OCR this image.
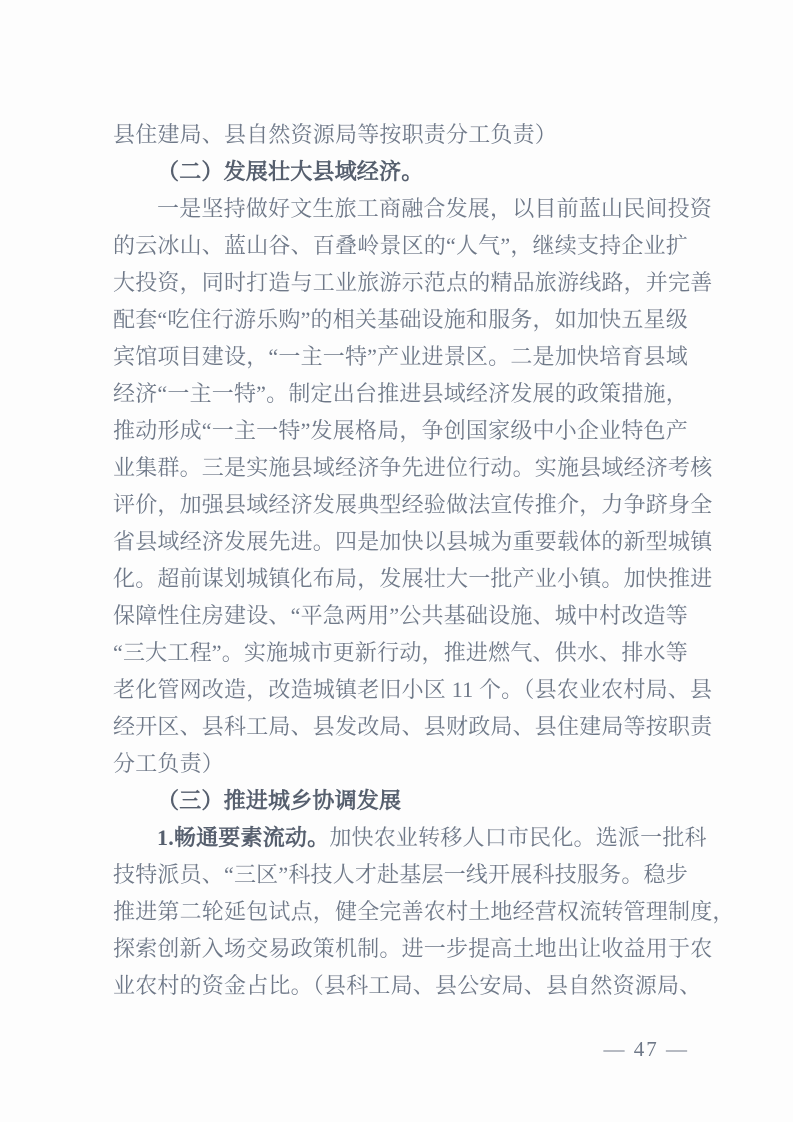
县住建局、县自然资源局等按职责分工负责）
（二）发展壮大县域经济。
一是坚持做好文生旅工商融合发展，以目前蓝山民间投资
的云冰山、蓝山谷、百叠岭景区的“人气”，继续支持企业扩
大投资，同时打造与工业旅游示范点的精品旅游线路，并完善
配套“吃住行游乐购”的相关基础设施和服务，如加快五星级
宾馆项目建设，“一主一特”产业进景区。二是加快培育县域
经济“一主一特”。制定出台推进县域经济发展的政策措施，
推动形成“一主一特”发展格局，争创国家级中小企业特色产
业集群。三是实施县域经济争先进位行动。实施县域经济考核
评价，加强县域经济发展典型经验做法宣传推介，力争跻身全
省县域经济发展先进。四是加快以县城为重要载体的新型城镇
化。超前谋划城镇化布局，发展壮大一批产业小镇。加快推进
保障性住房建设、“平急两用”公共基础设施、城中村改造等
“三大工程”。实施城市更新行动，推进燃气、供水、排水等
老化管网改造，改造城镇老旧小区 11 个。（县农业农村局、县
经开区、县科工局、县发改局、县财政局、县住建局等按职责
分工负责）
（三）推进城乡协调发展
1.畅通要素流动。加快农业转移人口市民化。选派一批科
技特派员、“三区”科技人才赴基层一线开展科技服务。稳步
推进第二轮延包试点，健全完善农村土地经营权流转管理制度，
探索创新入场交易政策机制。进一步提高土地出让收益用于农
业农村的资金占比。（县科工局、县公安局、县自然资源局、
— 47 —
